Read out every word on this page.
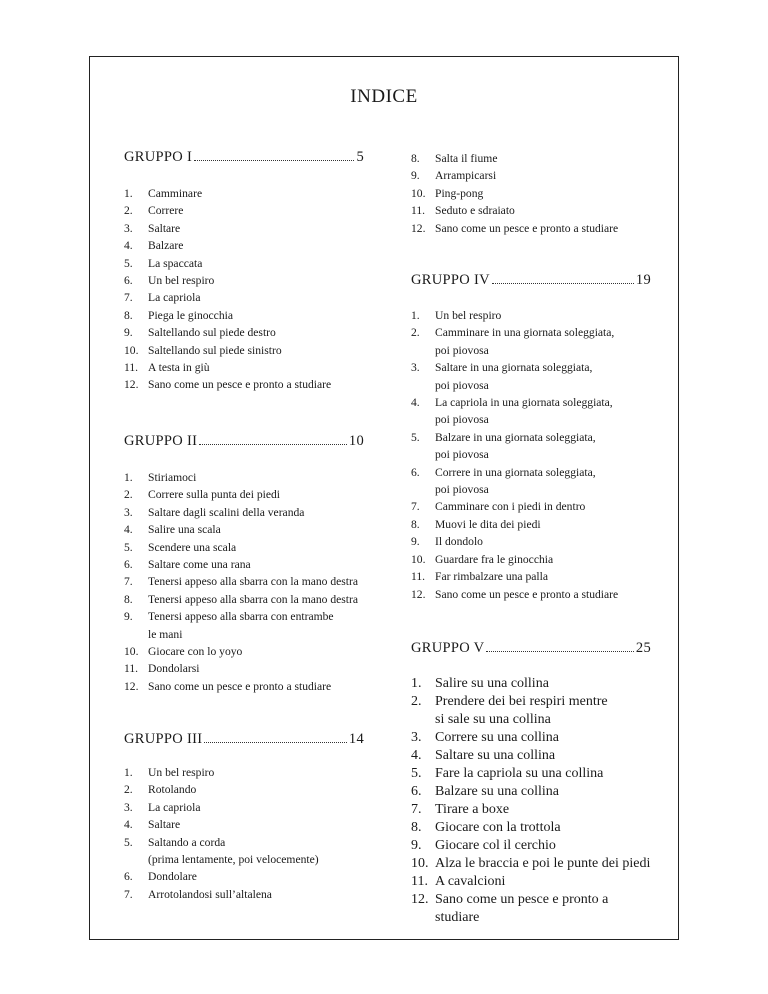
INDICE
GRUPPO I	5
1.	Camminare
2.	Correre
3.	Saltare
4.	Balzare
5.	La spaccata
6.	Un bel respiro
7.	La capriola
8.	Piega le ginocchia
9.	Saltellando sul piede destro
10. Saltellando sul piede sinistro
11. A testa in giù
12. Sano come un pesce e pronto a studiare
GRUPPO II	10
1.	Stiriamoci
2.	Correre sulla punta dei piedi
3.	Saltare dagli scalini della veranda
4.	Salire una scala
5.	Scendere una scala
6.	Saltare come una rana
7.	Tenersi appeso alla sbarra con la mano destra
8.	Tenersi appeso alla sbarra con la mano destra
9.	Tenersi appeso alla sbarra con entrambe
le mani
10. Giocare con lo yoyo
11. Dondolarsi
12. Sano come un pesce e pronto a studiare
GRUPPO III	14
1.	Un bel respiro
2.	Rotolando
3.	La capriola
4.	Saltare
5.	Saltando a corda
(prima lentamente, poi velocemente)
6.	Dondolare
7.	Arrotolandosi sull’altalena
8.	Salta il fiume
9.	Arrampicarsi
10. Ping-pong
11. Seduto e sdraiato
12. Sano come un pesce e pronto a studiare
GRUPPO IV	19
1.	Un bel respiro
2.	Camminare in una giornata soleggiata,
poi piovosa
3.	Saltare in una giornata soleggiata,
poi piovosa
4.	La capriola in una giornata soleggiata,
poi piovosa
5.	Balzare in una giornata soleggiata,
poi piovosa
6.	Correre in una giornata soleggiata,
poi piovosa
7.	Camminare con i piedi in dentro
8.	Muovi le dita dei piedi
9.	Il dondolo
10. Guardare fra le ginocchia
11. Far rimbalzare una palla
12. Sano come un pesce e pronto a studiare
GRUPPO V	25
1. Salire su una collina
2. Prendere dei bei respiri mentre
si sale su una collina
3. Correre su una collina
4. Saltare su una collina
5. Fare la capriola su una collina
6. Balzare su una collina
7. Tirare a boxe
8. Giocare con la trottola
9. Giocare col il cerchio
10. Alza le braccia e poi le punte dei piedi
11. A cavalcioni
12. Sano come un pesce e pronto a studiare
